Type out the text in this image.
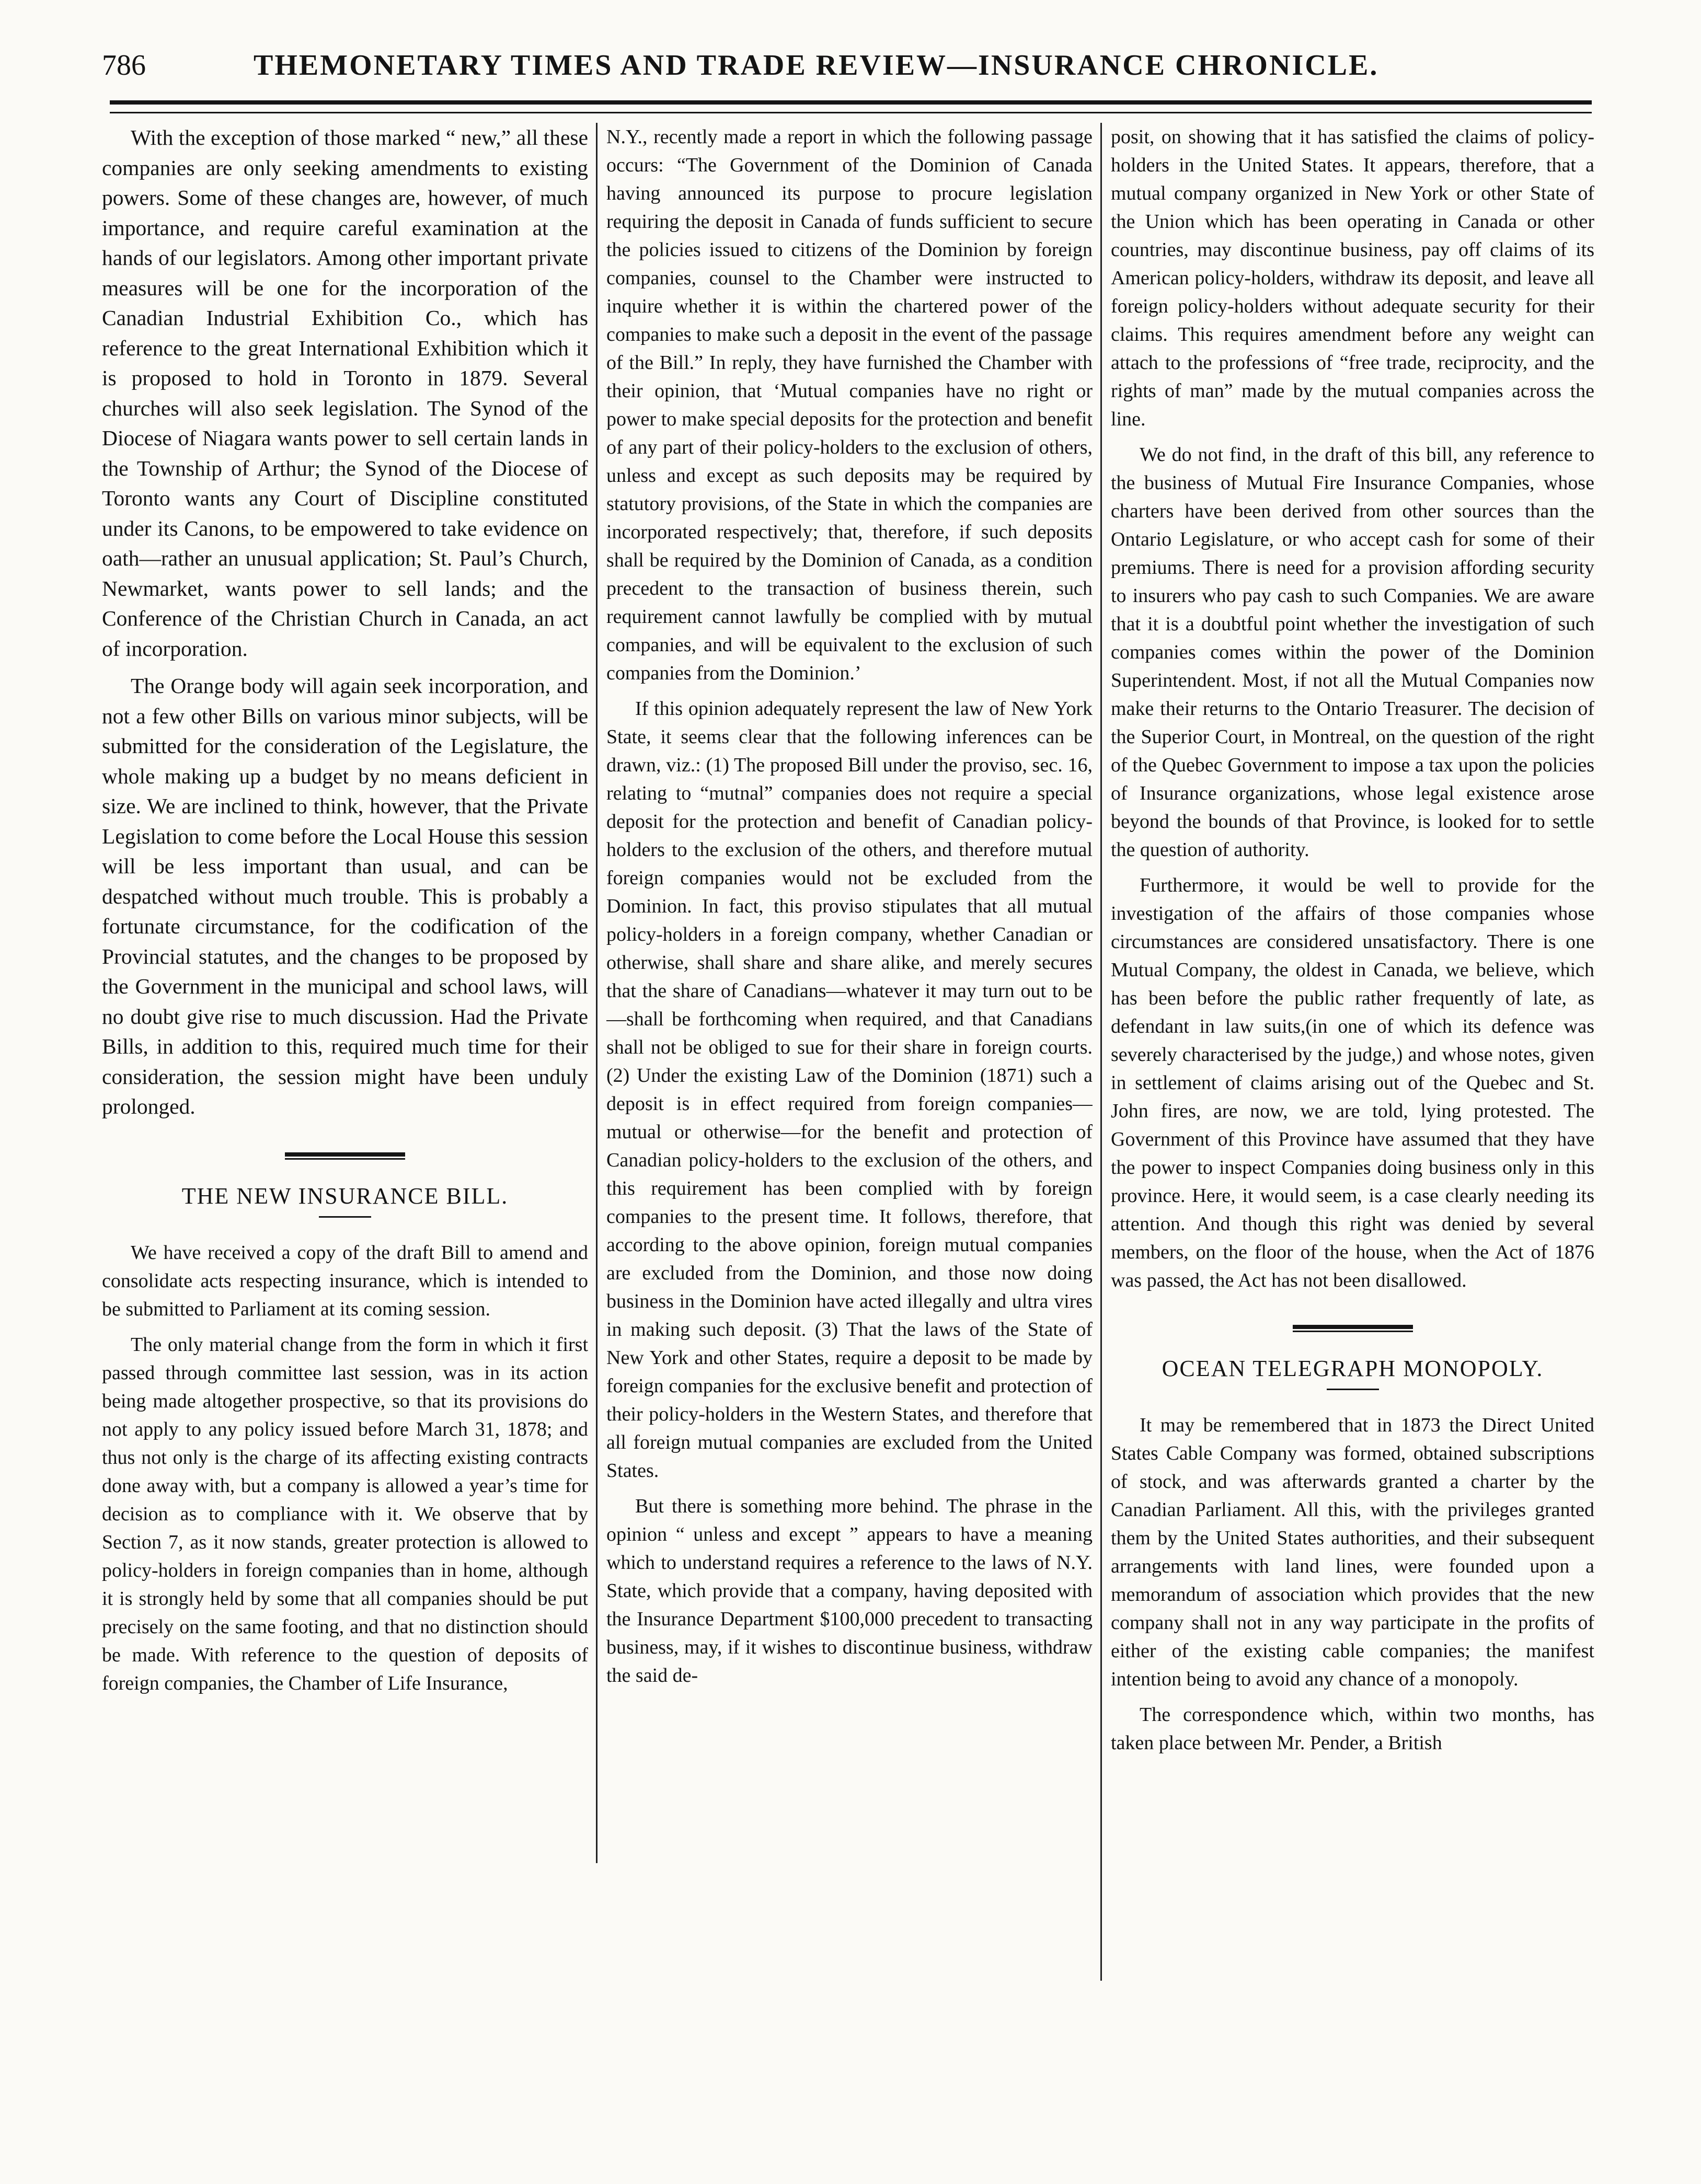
786	THEMONETARY TIMES AND TRADE REVIEW—INSURANCE CHRONICLE.

With the exception of those marked “ new,” all these companies are only seeking amendments to existing powers. Some of these changes are, however, of much importance, and require careful examination at the hands of our legislators. Among other important private measures will be one for the incorporation of the Canadian Industrial Exhibition Co., which has reference to the great International Exhibition which it is proposed to hold in Toronto in 1879. Several churches will also seek legislation. The Synod of the Diocese of Niagara wants power to sell certain lands in the Township of Arthur; the Synod of the Diocese of Toronto wants any Court of Discipline constituted under its Canons, to be empowered to take evidence on oath—rather an unusual application; St. Paul’s Church, Newmarket, wants power to sell lands; and the Conference of the Christian Church in Canada, an act of incorporation.

The Orange body will again seek incorporation, and not a few other Bills on various minor subjects, will be submitted for the consideration of the Legislature, the whole making up a budget by no means deficient in size. We are inclined to think, however, that the Private Legislation to come before the Local House this session will be less important than usual, and can be despatched without much trouble. This is probably a fortunate circumstance, for the codification of the Provincial statutes, and the changes to be proposed by the Government in the municipal and school laws, will no doubt give rise to much discussion. Had the Private Bills, in addition to this, required much time for their consideration, the session might have been unduly prolonged.

THE NEW INSURANCE BILL.

We have received a copy of the draft Bill to amend and consolidate acts respecting insurance, which is intended to be submitted to Parliament at its coming session.

The only material change from the form in which it first passed through committee last session, was in its action being made altogether prospective, so that its provisions do not apply to any policy issued before March 31, 1878; and thus not only is the charge of its affecting existing contracts done away with, but a company is allowed a year’s time for decision as to compliance with it. We observe that by Section 7, as it now stands, greater protection is allowed to policy-holders in foreign companies than in home, although it is strongly held by some that all companies should be put precisely on the same footing, and that no distinction should be made. With reference to the question of deposits of foreign companies, the Chamber of Life Insurance,

N.Y., recently made a report in which the following passage occurs: “The Government of the Dominion of Canada having announced its purpose to procure legislation requiring the deposit in Canada of funds sufficient to secure the policies issued to citizens of the Dominion by foreign companies, counsel to the Chamber were instructed to inquire whether it is within the chartered power of the companies to make such a deposit in the event of the passage of the Bill.” In reply, they have furnished the Chamber with their opinion, that ‘Mutual companies have no right or power to make special deposits for the protection and benefit of any part of their policy-holders to the exclusion of others, unless and except as such deposits may be required by statutory provisions, of the State in which the companies are incorporated respectively; that, therefore, if such deposits shall be required by the Dominion of Canada, as a condition precedent to the transaction of business therein, such requirement cannot lawfully be complied with by mutual companies, and will be equivalent to the exclusion of such companies from the Dominion.’

If this opinion adequately represent the law of New York State, it seems clear that the following inferences can be drawn, viz.: (1) The proposed Bill under the proviso, sec. 16, relating to “mutnal” companies does not require a special deposit for the protection and benefit of Canadian policy-holders to the exclusion of the others, and therefore mutual foreign companies would not be excluded from the Dominion. In fact, this proviso stipulates that all mutual policy-holders in a foreign company, whether Canadian or otherwise, shall share and share alike, and merely secures that the share of Canadians—whatever it may turn out to be—shall be forthcoming when required, and that Canadians shall not be obliged to sue for their share in foreign courts. (2) Under the existing Law of the Dominion (1871) such a deposit is in effect required from foreign companies—mutual or otherwise—for the benefit and protection of Canadian policy-holders to the exclusion of the others, and this requirement has been complied with by foreign companies to the present time. It follows, therefore, that according to the above opinion, foreign mutual companies are excluded from the Dominion, and those now doing business in the Dominion have acted illegally and ultra vires in making such deposit. (3) That the laws of the State of New York and other States, require a deposit to be made by foreign companies for the exclusive benefit and protection of their policy-holders in the Western States, and therefore that all foreign mutual companies are excluded from the United States.

But there is something more behind. The phrase in the opinion “ unless and except ” appears to have a meaning which to understand requires a reference to the laws of N.Y. State, which provide that a company, having deposited with the Insurance Department $100,000 precedent to transacting business, may, if it wishes to discontinue business, withdraw the said de-

posit, on showing that it has satisfied the claims of policy-holders in the United States. It appears, therefore, that a mutual company organized in New York or other State of the Union which has been operating in Canada or other countries, may discontinue business, pay off claims of its American policy-holders, withdraw its deposit, and leave all foreign policy-holders without adequate security for their claims. This requires amendment before any weight can attach to the professions of “free trade, reciprocity, and the rights of man” made by the mutual companies across the line.

We do not find, in the draft of this bill, any reference to the business of Mutual Fire Insurance Companies, whose charters have been derived from other sources than the Ontario Legislature, or who accept cash for some of their premiums. There is need for a provision affording security to insurers who pay cash to such Companies. We are aware that it is a doubtful point whether the investigation of such companies comes within the power of the Dominion Superintendent. Most, if not all the Mutual Companies now make their returns to the Ontario Treasurer. The decision of the Superior Court, in Montreal, on the question of the right of the Quebec Government to impose a tax upon the policies of Insurance organizations, whose legal existence arose beyond the bounds of that Province, is looked for to settle the question of authority.

Furthermore, it would be well to provide for the investigation of the affairs of those companies whose circumstances are considered unsatisfactory. There is one Mutual Company, the oldest in Canada, we believe, which has been before the public rather frequently of late, as defendant in law suits,(in one of which its defence was severely characterised by the judge,) and whose notes, given in settlement of claims arising out of the Quebec and St. John fires, are now, we are told, lying protested. The Government of this Province have assumed that they have the power to inspect Companies doing business only in this province. Here, it would seem, is a case clearly needing its attention. And though this right was denied by several members, on the floor of the house, when the Act of 1876 was passed, the Act has not been disallowed.

OCEAN TELEGRAPH MONOPOLY.

It may be remembered that in 1873 the Direct United States Cable Company was formed, obtained subscriptions of stock, and was afterwards granted a charter by the Canadian Parliament. All this, with the privileges granted them by the United States authorities, and their subsequent arrangements with land lines, were founded upon a memorandum of association which provides that the new company shall not in any way participate in the profits of either of the existing cable companies; the manifest intention being to avoid any chance of a monopoly.

The correspondence which, within two months, has taken place between Mr. Pender, a British
